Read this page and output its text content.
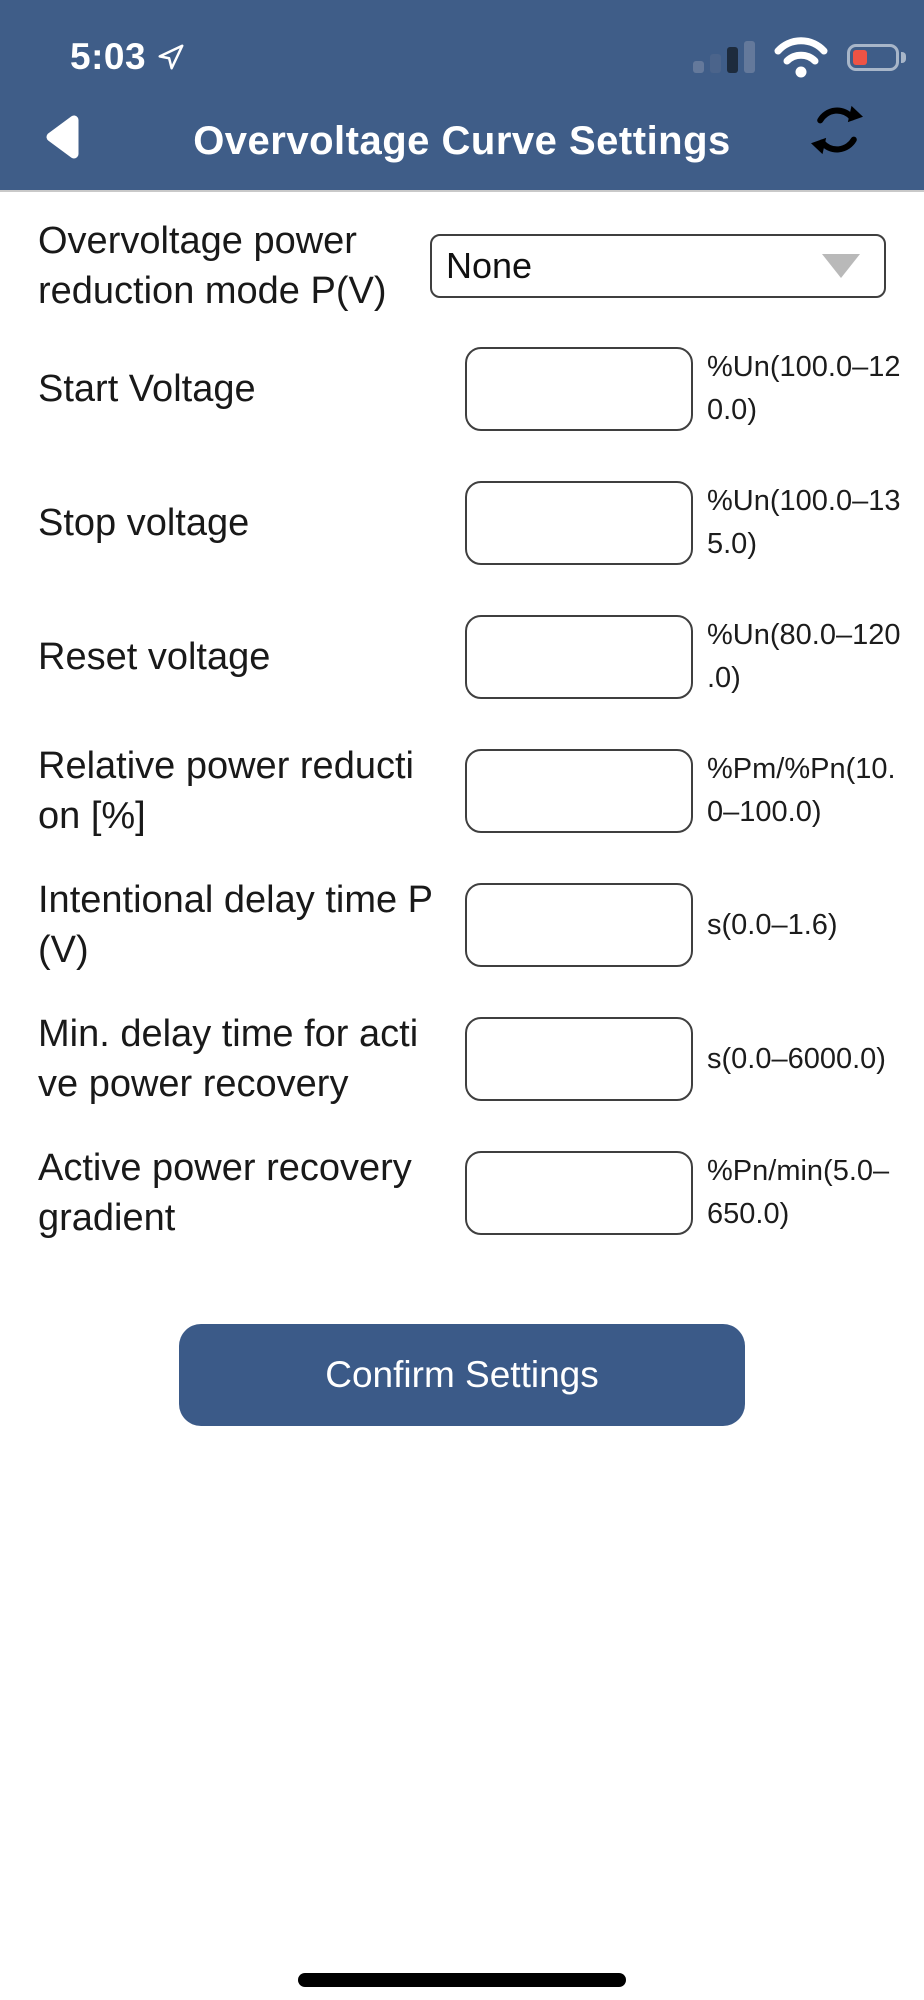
5:03
Overvoltage Curve Settings
Overvoltage power
reduction mode P(V)
None
Start Voltage
%Un(100.0–12
0.0)
Stop voltage
%Un(100.0–13
5.0)
Reset voltage
%Un(80.0–120
.0)
Relative power reducti
on [%]
%Pm/%Pn(10.
0–100.0)
Intentional delay time P
(V)
s(0.0–1.6)
Min. delay time for acti
ve power recovery
s(0.0–6000.0)
Active power recovery
gradient
%Pn/min(5.0–
650.0)
Confirm Settings
